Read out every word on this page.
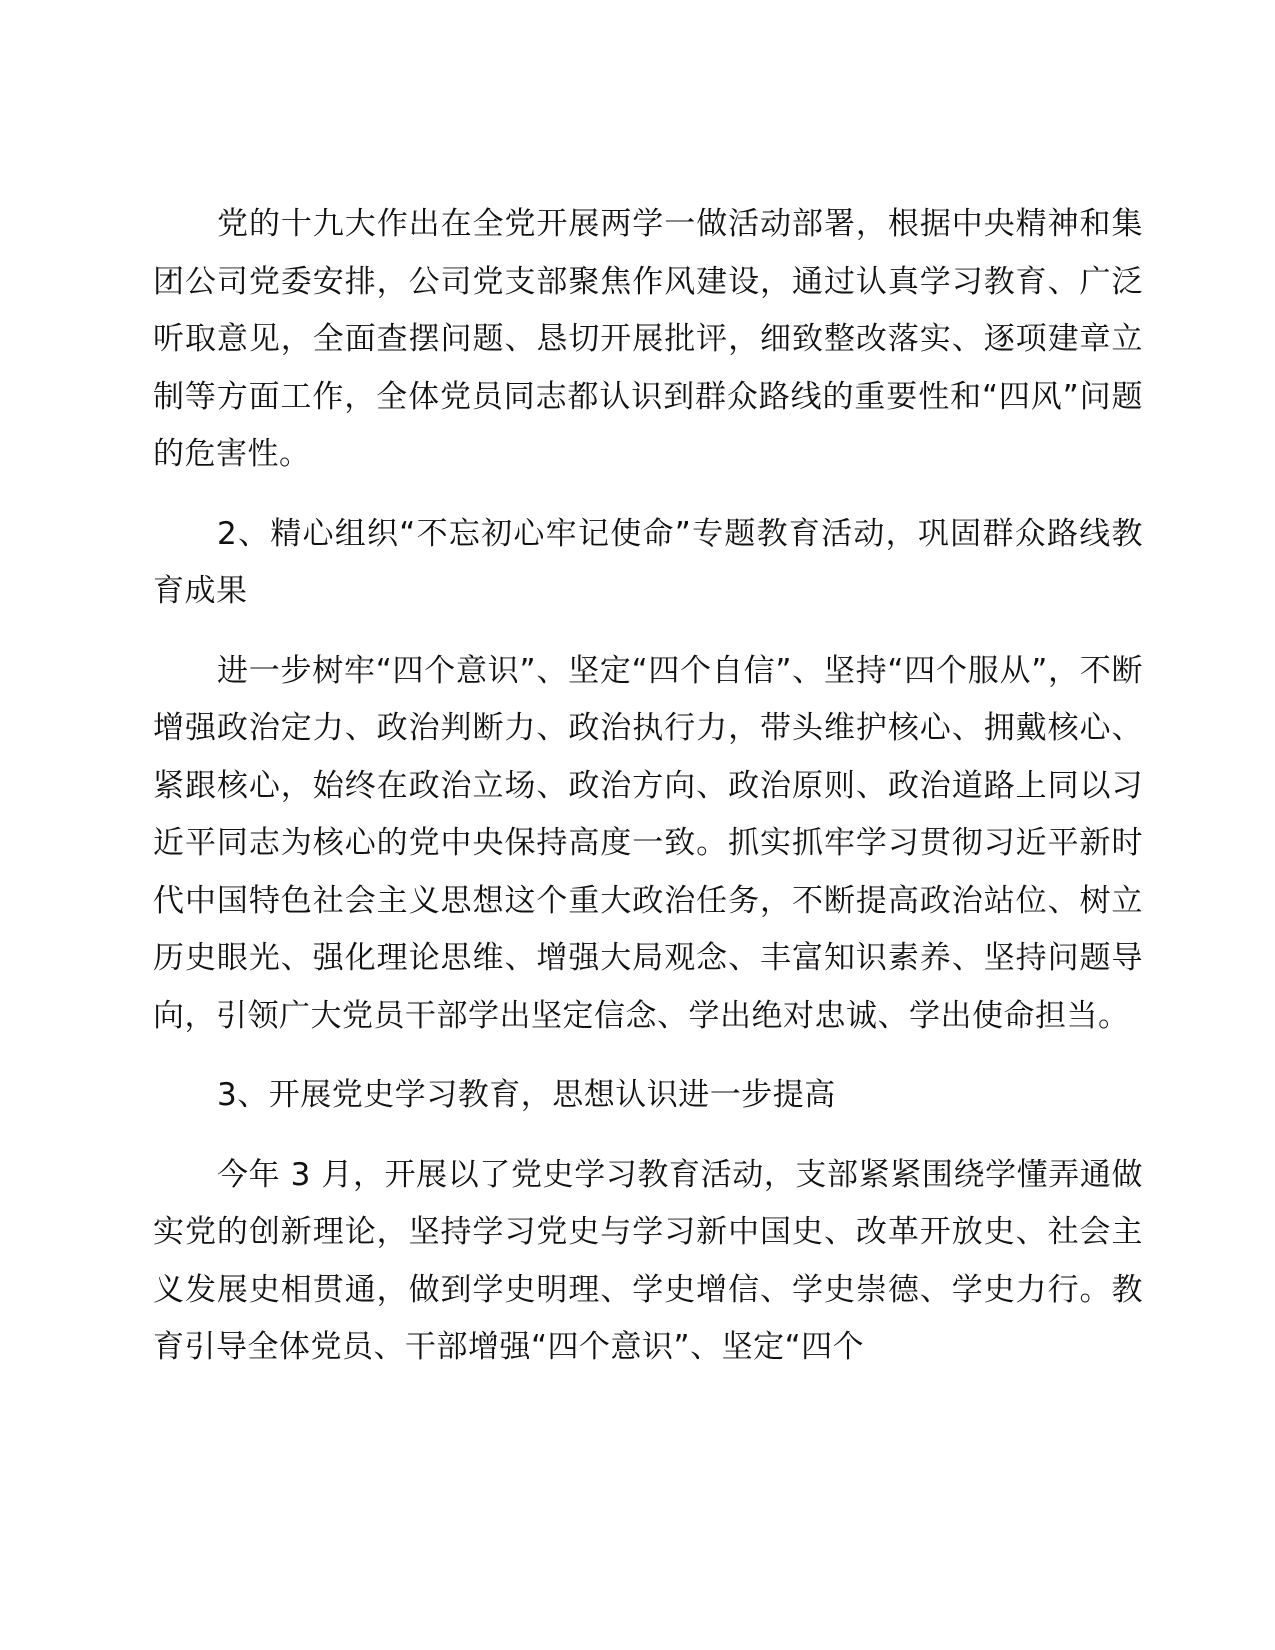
党的十九大作出在全党开展两学一做活动部署，根据中央精神和集团公司党委安排，公司党支部聚焦作风建设，通过认真学习教育、广泛听取意见，全面查摆问题、恳切开展批评，细致整改落实、逐项建章立制等方面工作，全体党员同志都认识到群众路线的重要性和“四风”问题的危害性。

2、精心组织“不忘初心牢记使命”专题教育活动，巩固群众路线教育成果

进一步树牢“四个意识”、坚定“四个自信”、坚持“四个服从”，不断增强政治定力、政治判断力、政治执行力，带头维护核心、拥戴核心、紧跟核心，始终在政治立场、政治方向、政治原则、政治道路上同以习近平同志为核心的党中央保持高度一致。抓实抓牢学习贯彻习近平新时代中国特色社会主义思想这个重大政治任务，不断提高政治站位、树立历史眼光、强化理论思维、增强大局观念、丰富知识素养、坚持问题导向，引领广大党员干部学出坚定信念、学出绝对忠诚、学出使命担当。

3、开展党史学习教育，思想认识进一步提高

今年 3 月，开展以了党史学习教育活动，支部紧紧围绕学懂弄通做实党的创新理论，坚持学习党史与学习新中国史、改革开放史、社会主义发展史相贯通，做到学史明理、学史增信、学史崇德、学史力行。教育引导全体党员、干部增强“四个意识”、坚定“四个
